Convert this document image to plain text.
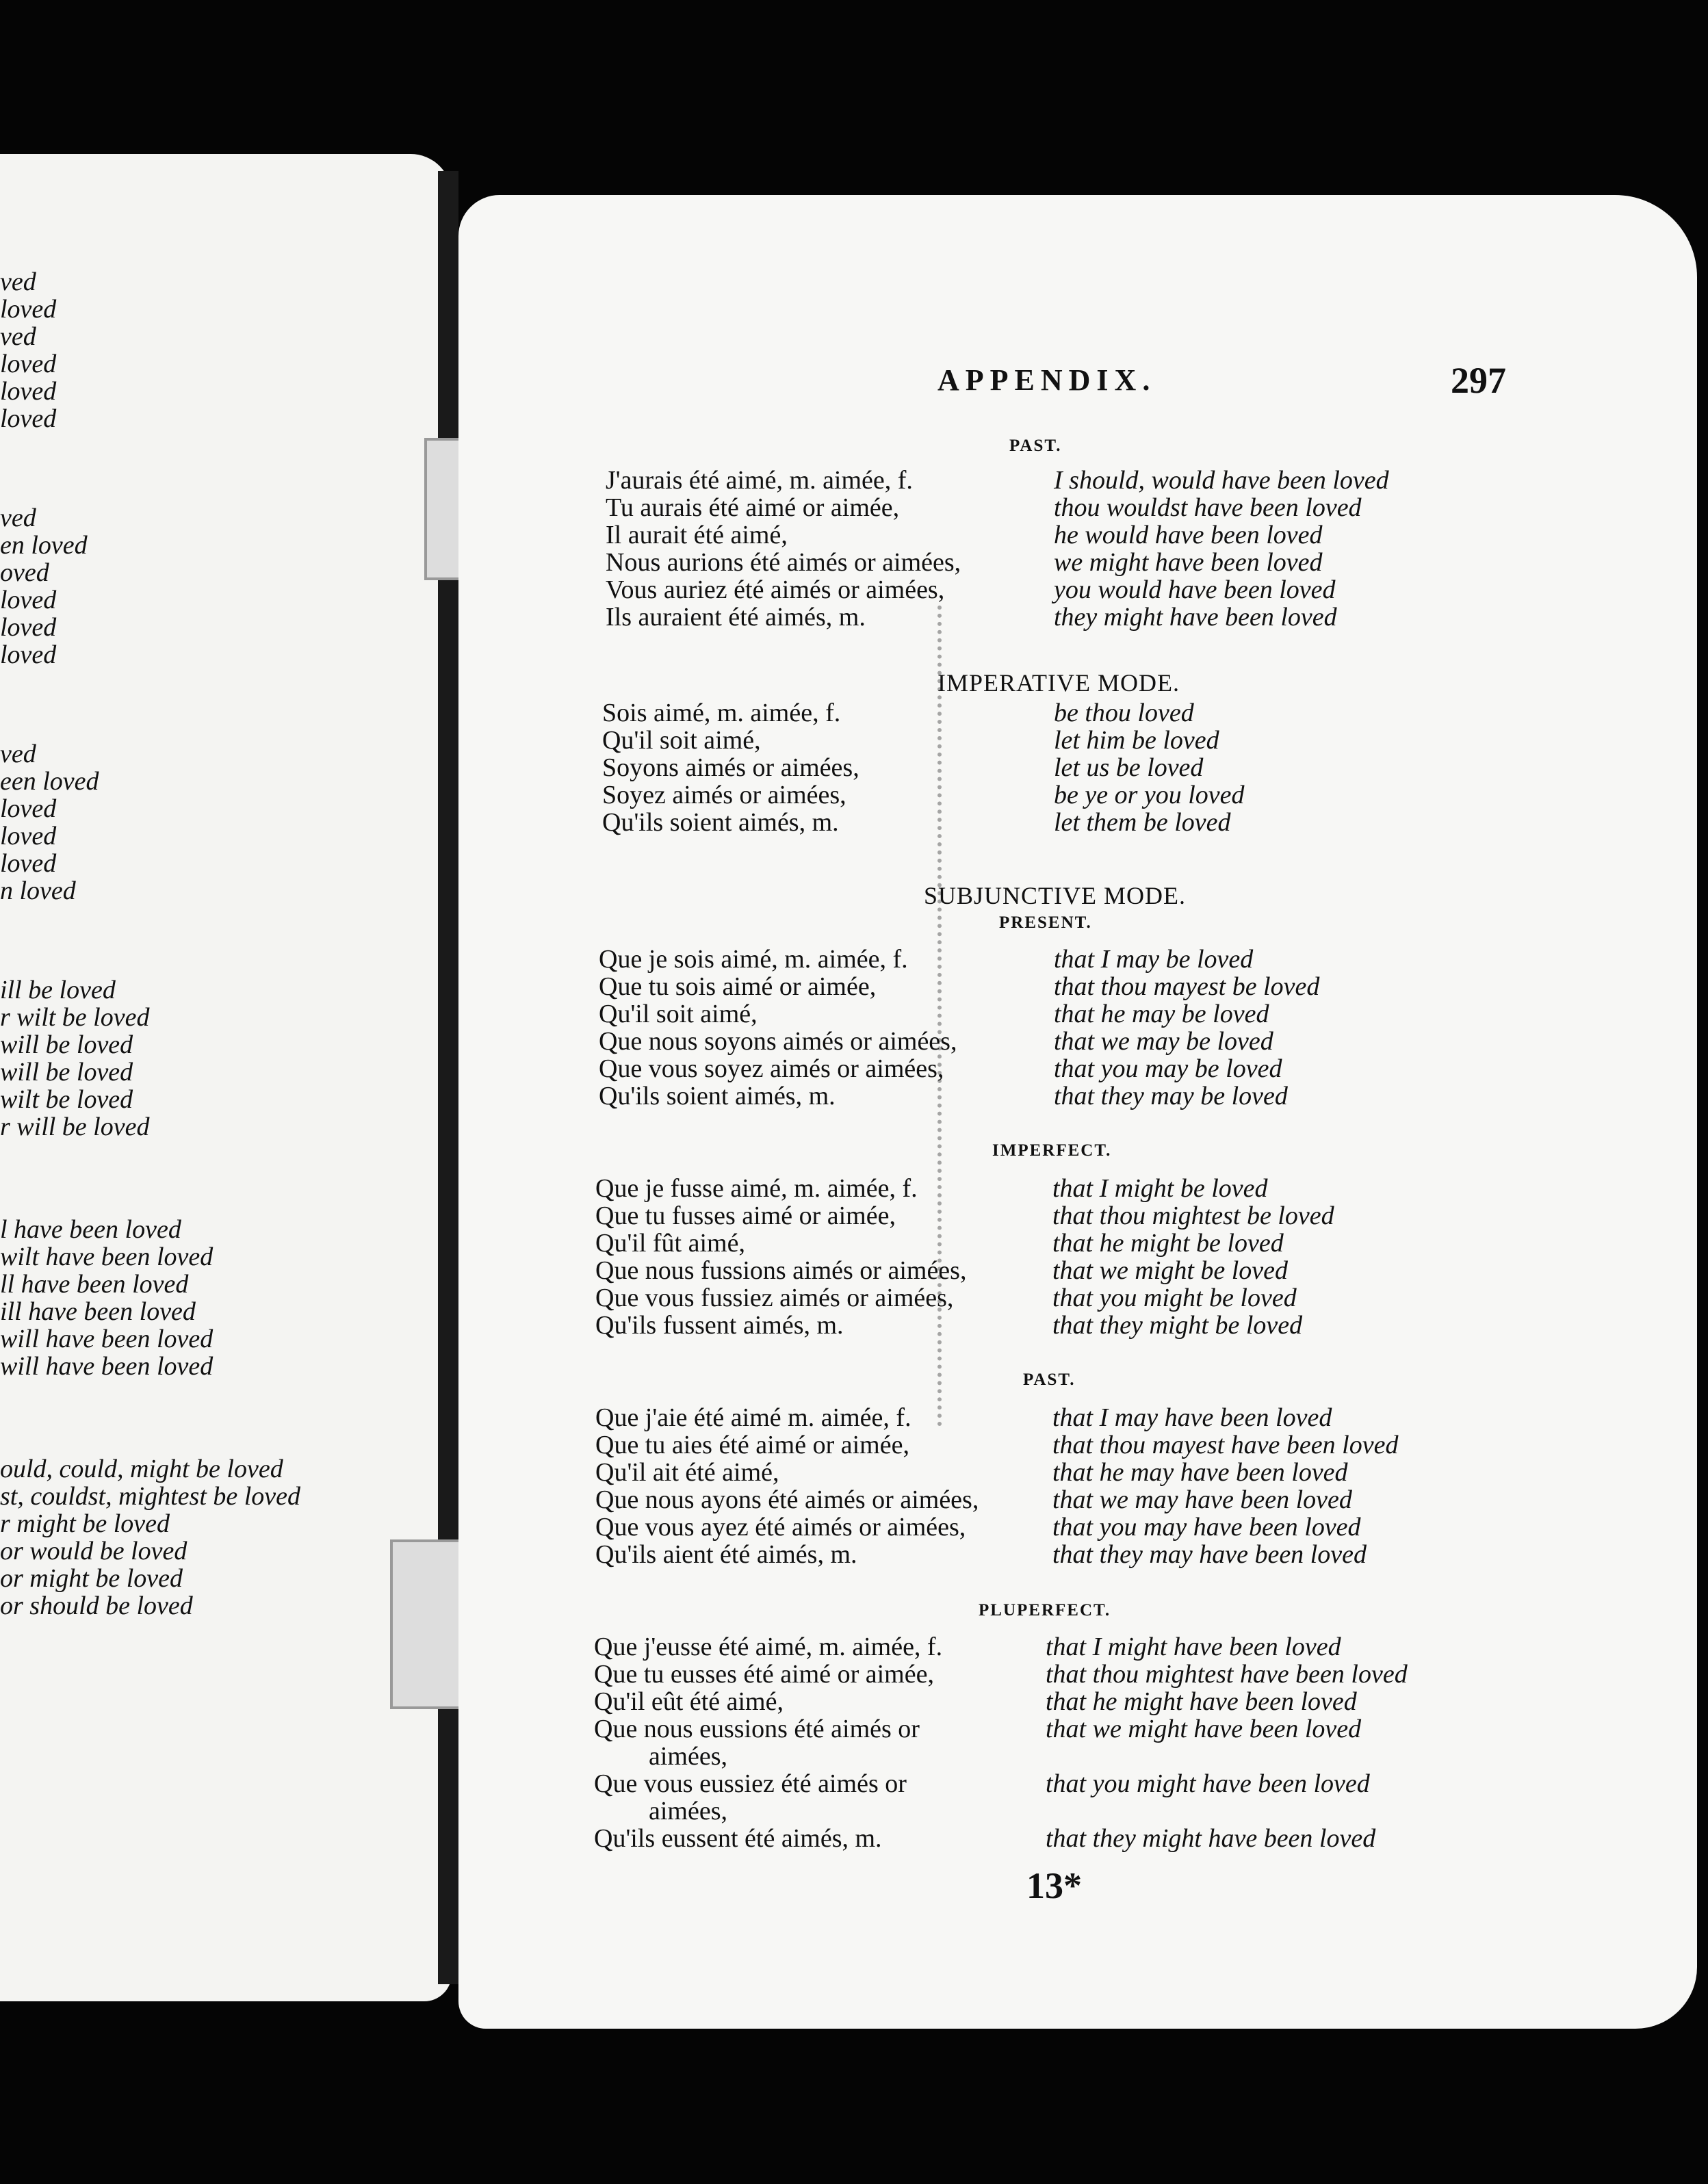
ved
loved
ved
loved
loved
loved
ved
en loved
oved
loved
loved
loved
ved
een loved
loved
loved
loved
n loved
ill be loved
r wilt be loved
will be loved
will be loved
wilt be loved
r will be loved
l have been loved
wilt have been loved
ll have been loved
ill have been loved
will have been loved
will have been loved
ould, could, might be loved
st, couldst, mightest be loved
r might be loved
or would be loved
or might be loved
or should be loved
APPENDIX.	297
PAST.
J'aurais été aimé, m. aimée, f.	I should, would have been loved
Tu aurais été aimé or aimée,	thou wouldst have been loved
Il aurait été aimé,	he would have been loved
Nous aurions été aimés or aimées,	we might have been loved
Vous auriez été aimés or aimées,	you would have been loved
Ils auraient été aimés, m.	they might have been loved
IMPERATIVE MODE.
Sois aimé, m. aimée, f.	be thou loved
Qu'il soit aimé,	let him be loved
Soyons aimés or aimées,	let us be loved
Soyez aimés or aimées,	be ye or you loved
Qu'ils soient aimés, m.	let them be loved
SUBJUNCTIVE MODE.
PRESENT.
Que je sois aimé, m. aimée, f.	that I may be loved
Que tu sois aimé or aimée,	that thou mayest be loved
Qu'il soit aimé,	that he may be loved
Que nous soyons aimés or aimées,	that we may be loved
Que vous soyez aimés or aimées,	that you may be loved
Qu'ils soient aimés, m.	that they may be loved
IMPERFECT.
Que je fusse aimé, m. aimée, f.	that I might be loved
Que tu fusses aimé or aimée,	that thou mightest be loved
Qu'il fût aimé,	that he might be loved
Que nous fussions aimés or aimées,	that we might be loved
Que vous fussiez aimés or aimées,	that you might be loved
Qu'ils fussent aimés, m.	that they might be loved
PAST.
Que j'aie été aimé m. aimée, f.	that I may have been loved
Que tu aies été aimé or aimée,	that thou mayest have been loved
Qu'il ait été aimé,	that he may have been loved
Que nous ayons été aimés or aimées,	that we may have been loved
Que vous ayez été aimés or aimées,	that you may have been loved
Qu'ils aient été aimés, m.	that they may have been loved
PLUPERFECT.
Que j'eusse été aimé, m. aimée, f.	that I might have been loved
Que tu eusses été aimé or aimée,	that thou mightest have been loved
Qu'il eût été aimé,	that he might have been loved
Que nous eussions été aimés or	that we might have been loved
aimées,
Que vous eussiez été aimés or	that you might have been loved
aimées,
Qu'ils eussent été aimés, m.	that they might have been loved
13*
